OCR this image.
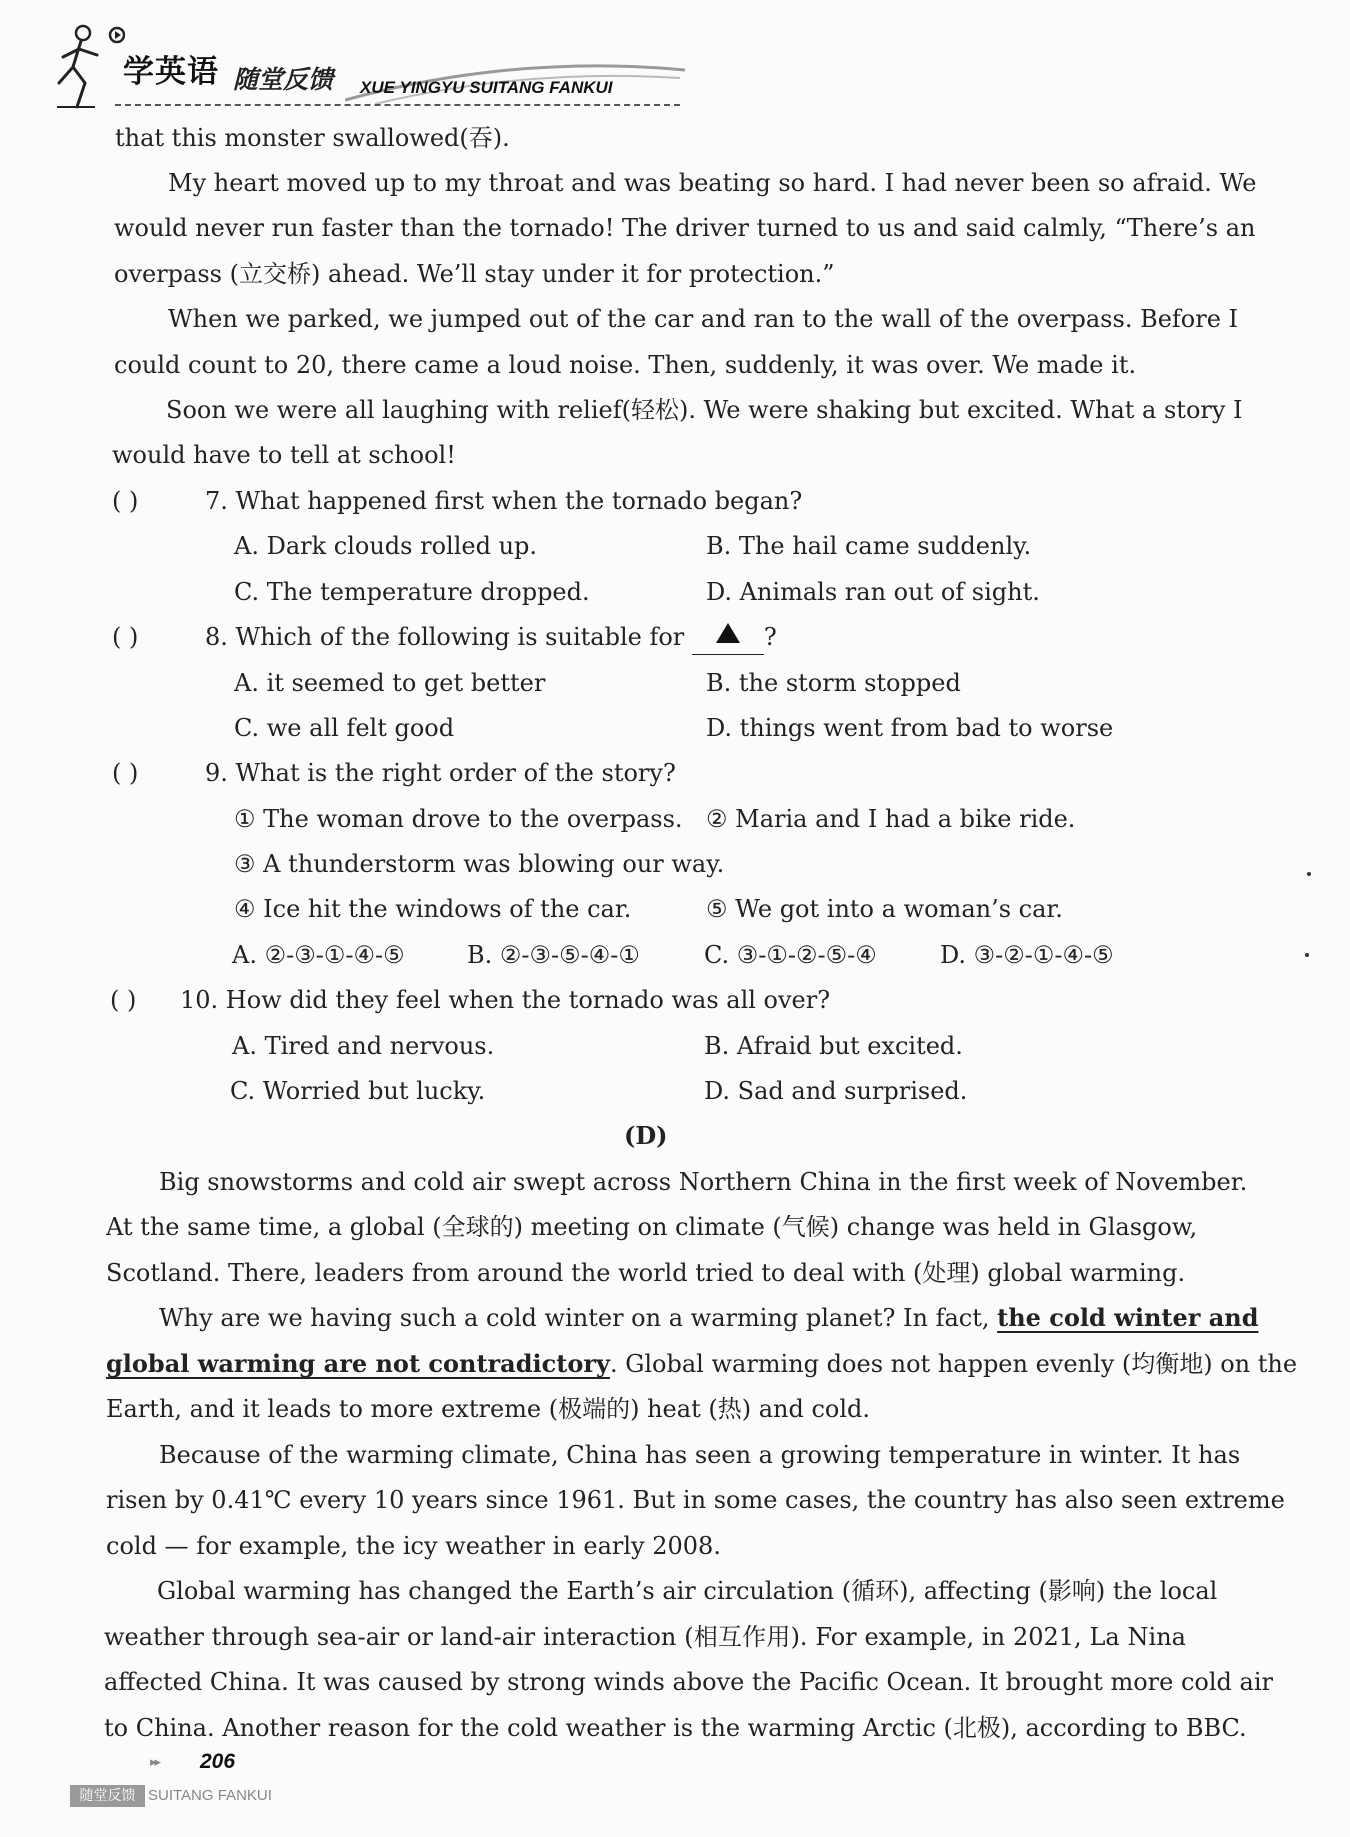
学英语 随堂反馈 XUE YINGYU SUITANG FANKUI
that this monster swallowed(吞).
My heart moved up to my throat and was beating so hard. I had never been so afraid. We
would never run faster than the tornado! The driver turned to us and said calmly, “There’s an
overpass (立交桥) ahead. We’ll stay under it for protection.”
When we parked, we jumped out of the car and ran to the wall of the overpass. Before I
could count to 20, there came a loud noise. Then, suddenly, it was over. We made it.
Soon we were all laughing with relief(轻松). We were shaking but excited. What a story I
would have to tell at school!
( )	7. What happened first when the tornado began?
A. Dark clouds rolled up.	B. The hail came suddenly.
C. The temperature dropped.	D. Animals ran out of sight.
( )	8. Which of the following is suitable for	?
A. it seemed to get better	B. the storm stopped
C. we all felt good	D. things went from bad to worse
( )	9. What is the right order of the story?
① The woman drove to the overpass. ② Maria and I had a bike ride.
③ A thunderstorm was blowing our way.
④ Ice hit the windows of the car.	⑤ We got into a woman’s car.
A. ②-③-①-④-⑤	B. ②-③-⑤-④-①	C. ③-①-②-⑤-④	D. ③-②-①-④-⑤
( ) 10. How did they feel when the tornado was all over?
A. Tired and nervous.	B. Afraid but excited.
C. Worried but lucky.	D. Sad and surprised.
(D)
Big snowstorms and cold air swept across Northern China in the first week of November.
At the same time, a global (全球的) meeting on climate (气候) change was held in Glasgow,
Scotland. There, leaders from around the world tried to deal with (处理) global warming.
Why are we having such a cold winter on a warming planet? In fact, the cold winter and
global warming are not contradictory. Global warming does not happen evenly (均衡地) on the
Earth, and it leads to more extreme (极端的) heat (热) and cold.
Because of the warming climate, China has seen a growing temperature in winter. It has
risen by 0.41℃ every 10 years since 1961. But in some cases, the country has also seen extreme
cold — for example, the icy weather in early 2008.
Global warming has changed the Earth’s air circulation (循环), affecting (影响) the local
weather through sea-air or land-air interaction (相互作用). For example, in 2021, La Nina
affected China. It was caused by strong winds above the Pacific Ocean. It brought more cold air
to China. Another reason for the cold weather is the warming Arctic (北极), according to BBC.
▸▸ 206
随堂反馈 SUITANG FANKUI
